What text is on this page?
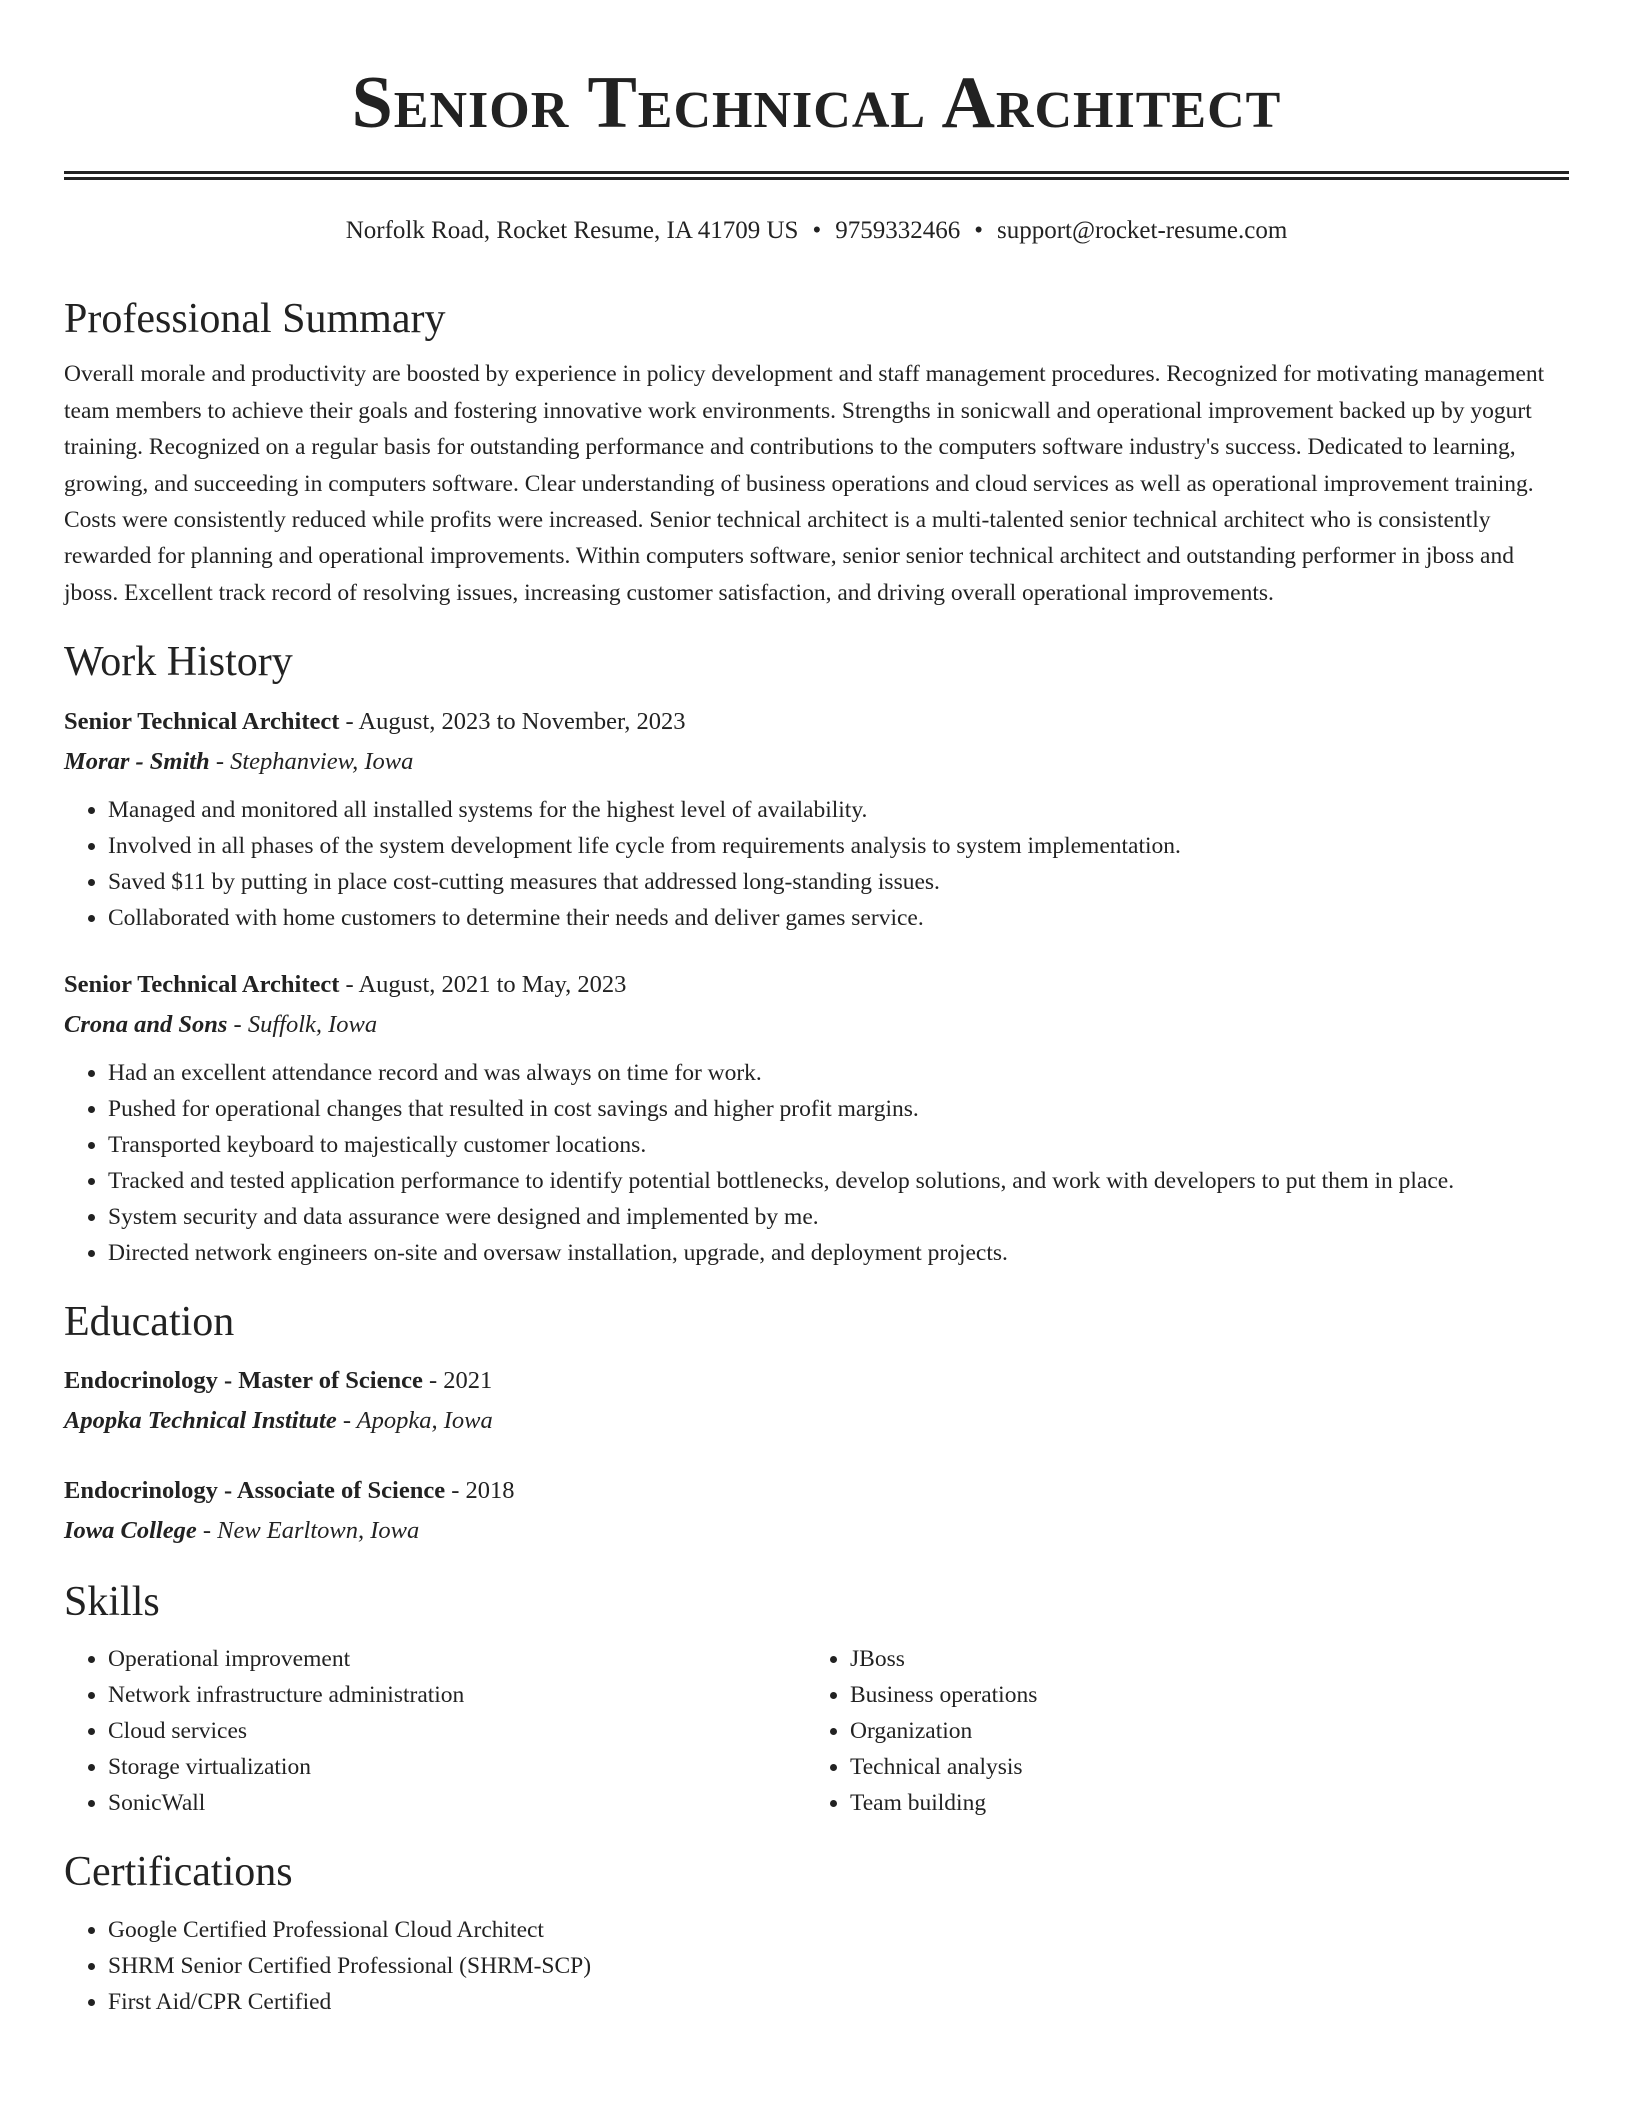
Senior Technical Architect
Norfolk Road, Rocket Resume, IA 41709 US • 9759332466 • support@rocket-resume.com
Professional Summary
Overall morale and productivity are boosted by experience in policy development and staff management procedures. Recognized for motivating management team members to achieve their goals and fostering innovative work environments. Strengths in sonicwall and operational improvement backed up by yogurt training. Recognized on a regular basis for outstanding performance and contributions to the computers software industry's success. Dedicated to learning, growing, and succeeding in computers software. Clear understanding of business operations and cloud services as well as operational improvement training. Costs were consistently reduced while profits were increased. Senior technical architect is a multi-talented senior technical architect who is consistently rewarded for planning and operational improvements. Within computers software, senior senior technical architect and outstanding performer in jboss and jboss. Excellent track record of resolving issues, increasing customer satisfaction, and driving overall operational improvements.
Work History
Senior Technical Architect - August, 2023 to November, 2023
Morar - Smith - Stephanview, Iowa
• Managed and monitored all installed systems for the highest level of availability.
• Involved in all phases of the system development life cycle from requirements analysis to system implementation.
• Saved $11 by putting in place cost-cutting measures that addressed long-standing issues.
• Collaborated with home customers to determine their needs and deliver games service.
Senior Technical Architect - August, 2021 to May, 2023
Crona and Sons - Suffolk, Iowa
• Had an excellent attendance record and was always on time for work.
• Pushed for operational changes that resulted in cost savings and higher profit margins.
• Transported keyboard to majestically customer locations.
• Tracked and tested application performance to identify potential bottlenecks, develop solutions, and work with developers to put them in place.
• System security and data assurance were designed and implemented by me.
• Directed network engineers on-site and oversaw installation, upgrade, and deployment projects.
Education
Endocrinology - Master of Science - 2021
Apopka Technical Institute - Apopka, Iowa
Endocrinology - Associate of Science - 2018
Iowa College - New Earltown, Iowa
Skills
• Operational improvement
• Network infrastructure administration
• Cloud services
• Storage virtualization
• SonicWall
• JBoss
• Business operations
• Organization
• Technical analysis
• Team building
Certifications
• Google Certified Professional Cloud Architect
• SHRM Senior Certified Professional (SHRM-SCP)
• First Aid/CPR Certified
